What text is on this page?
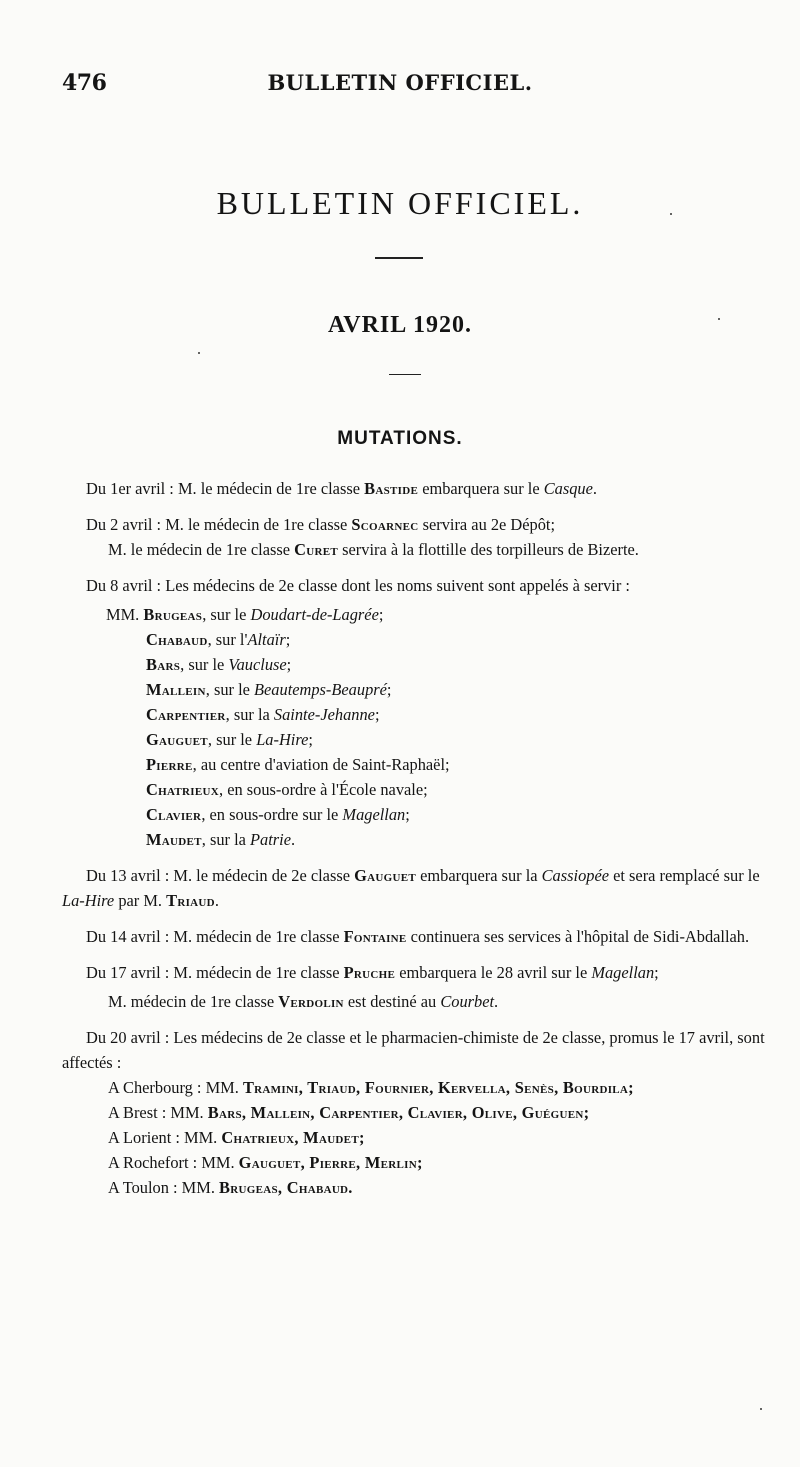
476	BULLETIN OFFICIEL.
BULLETIN OFFICIEL.
AVRIL 1920.
MUTATIONS.

Du 1er avril : M. le médecin de 1re classe Bastide embarquera sur le Casque.

Du 2 avril : M. le médecin de 1re classe Scoarnec servira au 2e Dépôt;

M. le médecin de 1re classe Curet servira à la flottille des torpilleurs de Bizerte.

Du 8 avril : Les médecins de 2e classe dont les noms suivent sont appelés à servir :

MM. Brugeas, sur le Doudart-de-Lagrée;

Chabaud, sur l'Altaïr;

Bars, sur le Vaucluse;

Mallein, sur le Beautemps-Beaupré;

Carpentier, sur la Sainte-Jehanne;

Gauguet, sur le La-Hire;

Pierre, au centre d'aviation de Saint-Raphaël;

Chatrieux, en sous-ordre à l'École navale;

Clavier, en sous-ordre sur le Magellan;

Maudet, sur la Patrie.

Du 13 avril : M. le médecin de 2e classe Gauguet embarquera sur la Cassiopée et sera remplacé sur le La-Hire par M. Triaud.

Du 14 avril : M. médecin de 1re classe Fontaine continuera ses services à l'hôpital de Sidi-Abdallah.

Du 17 avril : M. médecin de 1re classe Pruche embarquera le 28 avril sur le Magellan;

M. médecin de 1re classe Verdolin est destiné au Courbet.

Du 20 avril : Les médecins de 2e classe et le pharmacien-chimiste de 2e classe, promus le 17 avril, sont affectés :

A Cherbourg : MM. Tramini, Triaud, Fournier, Kervella, Senès, Bourdila;

A Brest : MM. Bars, Mallein, Carpentier, Clavier, Olive, Guéguen;

A Lorient : MM. Chatrieux, Maudet;

A Rochefort : MM. Gauguet, Pierre, Merlin;

A Toulon : MM. Brugeas, Chabaud.
